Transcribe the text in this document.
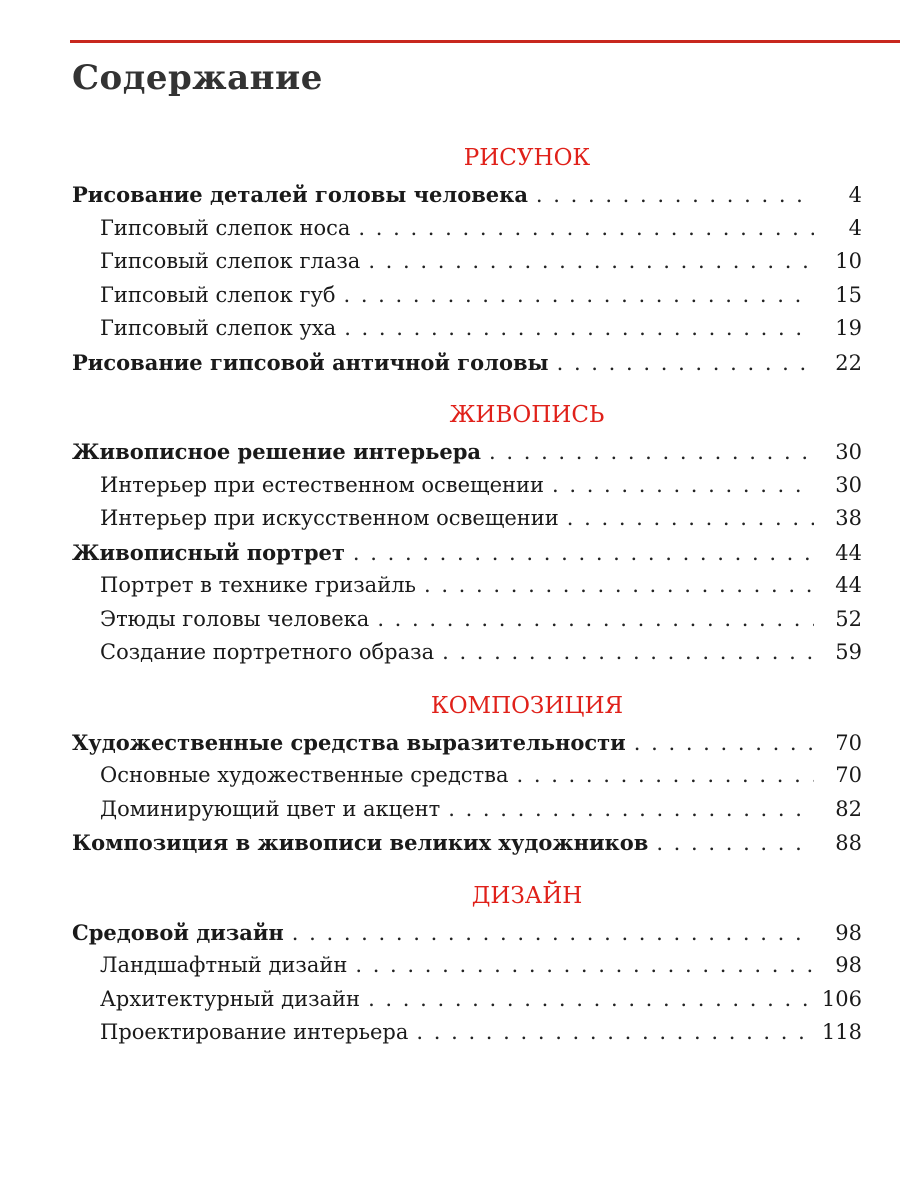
Содержание
РИСУНОК
Рисование деталей головы человека . . .	4
Гипсовый слепок носа . . .	4
Гипсовый слепок глаза . . .	10
Гипсовый слепок губ . . .	15
Гипсовый слепок уха . . .	19
Рисование гипсовой античной головы . . .	22
ЖИВОПИСЬ
Живописное решение интерьера . . .	30
Интерьер при естественном освещении . . .	30
Интерьер при искусственном освещении . . .	38
Живописный портрет . . .	44
Портрет в технике гризайль . . .	44
Этюды головы человека . . .	52
Создание портретного образа . . .	59
КОМПОЗИЦИЯ
Художественные средства выразительности . . .	70
Основные художественные средства . . .	70
Доминирующий цвет и акцент . . .	82
Композиция в живописи великих художников . . .	88
ДИЗАЙН
Средовой дизайн . . .	98
Ландшафтный дизайн . . .	98
Архитектурный дизайн . . .	106
Проектирование интерьера . . .	118
